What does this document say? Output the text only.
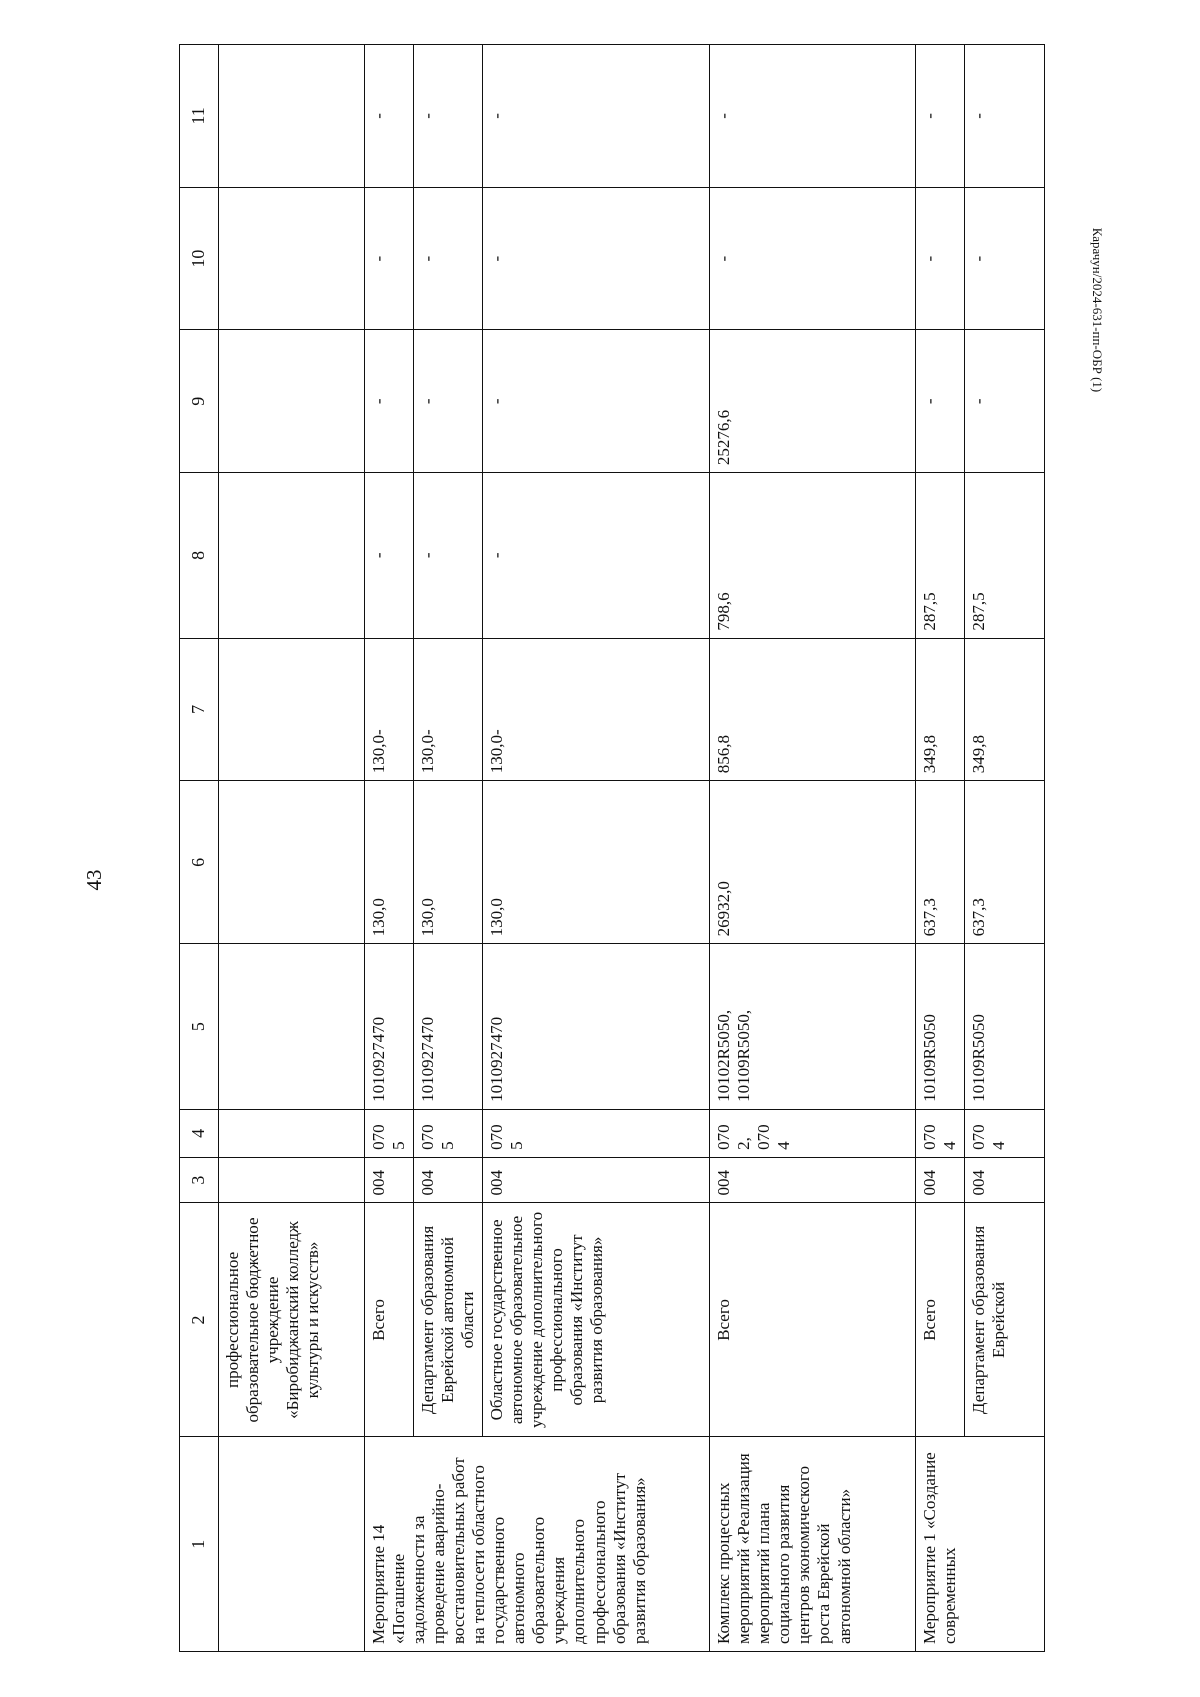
43
1	2	3	4	5	6	7	8	9	10	11
	профессиональное образовательное бюджетное учреждение «Биробиджанский колледж культуры и искусств»									
Мероприятие 14 «Погашение задолженности за проведение аварийно-восстановительных работ на теплосети областного государственного автономного образовательного учреждения дополнительного профессионального образования «Институт развития образования»	Всего	004	0705	1010927470	130,0	130,0-	-	-	-	-
	Департамент образования Еврейской автономной области	004	0705	1010927470	130,0	130,0-	-	-	-	-
	Областное государственное автономное образовательное учреждение дополнительного профессионального образования «Институт развития образования»	004	0705	1010927470	130,0	130,0-	-	-	-	-
Комплекс процессных мероприятий «Реализация мероприятий плана социального развития центров экономического роста Еврейской автономной области»	Всего	004	0702, 0704	10102R5050, 10109R5050,	26932,0	856,8	798,6	25276,6	-	-
Мероприятие 1 «Создание современных	Всего	004	0704	10109R5050	637,3	349,8	287,5	-	-	-
	Департамент образования Еврейской	004	0704	10109R5050	637,3	349,8	287,5	-	-	-
Карачун/2024-631-пп-ОБР (1)
